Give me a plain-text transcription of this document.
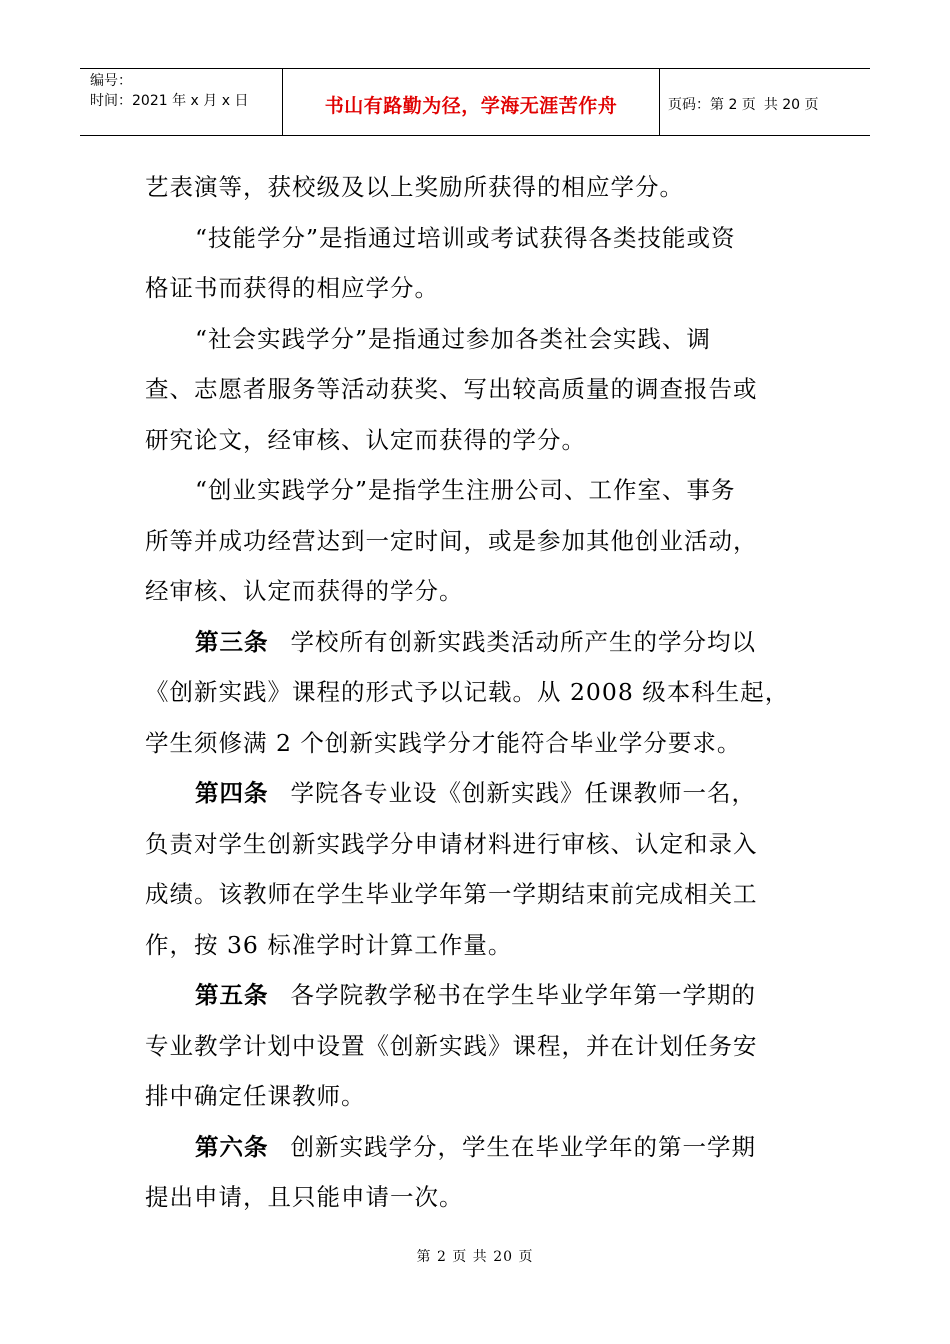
编号：
时间：2021 年 x 月 x 日	书山有路勤为径，学海无涯苦作舟	页码：第 2 页 共 20 页
艺表演等，获校级及以上奖励所获得的相应学分。
“技能学分”是指通过培训或考试获得各类技能或资
格证书而获得的相应学分。
“社会实践学分”是指通过参加各类社会实践、调
查、志愿者服务等活动获奖、写出较高质量的调查报告或
研究论文，经审核、认定而获得的学分。
“创业实践学分”是指学生注册公司、工作室、事务
所等并成功经营达到一定时间，或是参加其他创业活动，
经审核、认定而获得的学分。
第三条 学校所有创新实践类活动所产生的学分均以
《创新实践》课程的形式予以记载。从 2008 级本科生起，
学生须修满 2 个创新实践学分才能符合毕业学分要求。
第四条 学院各专业设《创新实践》任课教师一名，
负责对学生创新实践学分申请材料进行审核、认定和录入
成绩。该教师在学生毕业学年第一学期结束前完成相关工
作，按 36 标准学时计算工作量。
第五条 各学院教学秘书在学生毕业学年第一学期的
专业教学计划中设置《创新实践》课程，并在计划任务安
排中确定任课教师。
第六条 创新实践学分，学生在毕业学年的第一学期
提出申请，且只能申请一次。
第 2 页 共 20 页
